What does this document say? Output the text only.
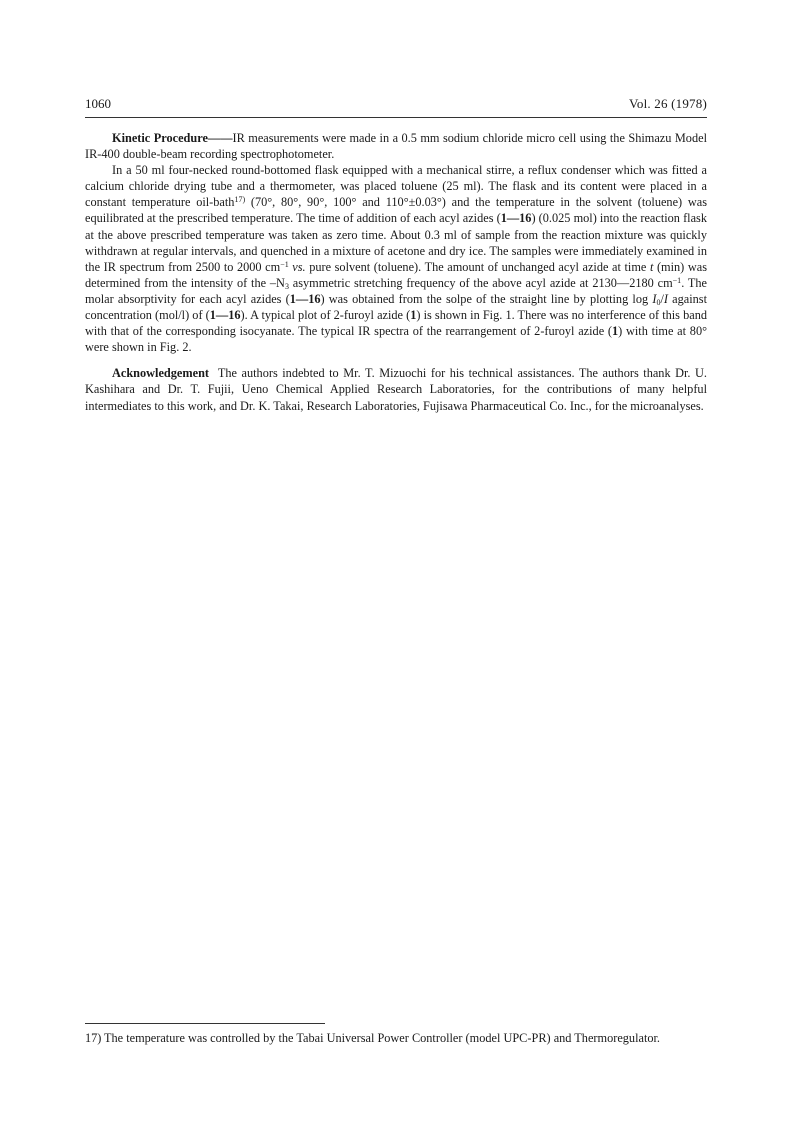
1060	Vol. 26 (1978)

Kinetic Procedure——IR measurements were made in a 0.5 mm sodium chloride micro cell using the Shimazu Model IR-400 double-beam recording spectrophotometer.

In a 50 ml four-necked round-bottomed flask equipped with a mechanical stirre, a reflux condenser which was fitted a calcium chloride drying tube and a thermometer, was placed toluene (25 ml). The flask and its content were placed in a constant temperature oil-bath$^{17)}$ (70°, 80°, 90°, 100° and 110°±0.03°) and the temperature in the solvent (toluene) was equilibrated at the prescribed temperature. The time of addition of each acyl azides (1—16) (0.025 mol) into the reaction flask at the above prescribed temperature was taken as zero time. About 0.3 ml of sample from the reaction mixture was quickly withdrawn at regular intervals, and quenched in a mixture of acetone and dry ice. The samples were immediately examined in the IR spectrum from 2500 to 2000 $cm^{-1}$ vs. pure solvent (toluene). The amount of unchanged acyl azide at time t (min) was determined from the intensity of the $-N_3$ asymmetric stretching frequency of the above acyl azide at 2130—2180 $cm^{-1}$. The molar absorptivity for each acyl azides (1—16) was obtained from the solpe of the straight line by plotting $\log I_0/I$ against concentration (mol/l) of (1—16). A typical plot of 2-furoyl azide (1) is shown in Fig. 1. There was no interference of this band with that of the corresponding isocyanate. The typical IR spectra of the rearrangement of 2-furoyl azide (1) with time at 80° were shown in Fig. 2.

Acknowledgement  The authors indebted to Mr. T. Mizuochi for his technical assistances. The authors thank Dr. U. Kashihara and Dr. T. Fujii, Ueno Chemical Applied Research Laboratories, for the contributions of many helpful intermediates to this work, and Dr. K. Takai, Research Laboratories, Fujisawa Pharmaceutical Co. Inc., for the microanalyses.

17) The temperature was controlled by the Tabai Universal Power Controller (model UPC-PR) and Thermoregulator.
